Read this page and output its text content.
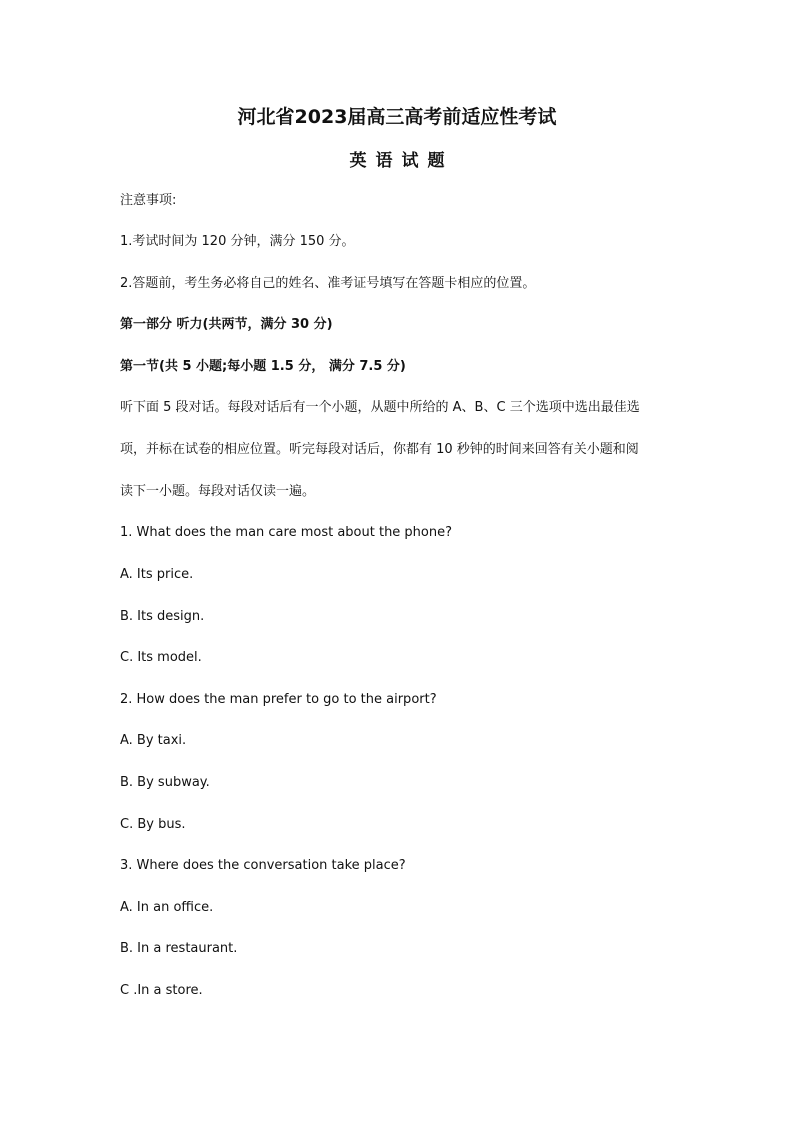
河北省2023届高三高考前适应性考试
英语试题
注意事项:
1.考试时间为 120 分钟，满分 150 分。
2.答题前，考生务必将自己的姓名、准考证号填写在答题卡相应的位置。
第一部分 听力(共两节，满分 30 分)
第一节(共 5 小题;每小题 1.5 分， 满分 7.5 分)
听下面 5 段对话。每段对话后有一个小题，从题中所给的 A、B、C 三个选项中选出最佳选
项，并标在试卷的相应位置。听完每段对话后，你都有 10 秒钟的时间来回答有关小题和阅
读下一小题。每段对话仅读一遍。
1. What does the man care most about the phone?
A. Its price.
B. Its design.
C. Its model.
2. How does the man prefer to go to the airport?
A. By taxi.
B. By subway.
C. By bus.
3. Where does the conversation take place?
A. In an office.
B. In a restaurant.
C .In a store.
